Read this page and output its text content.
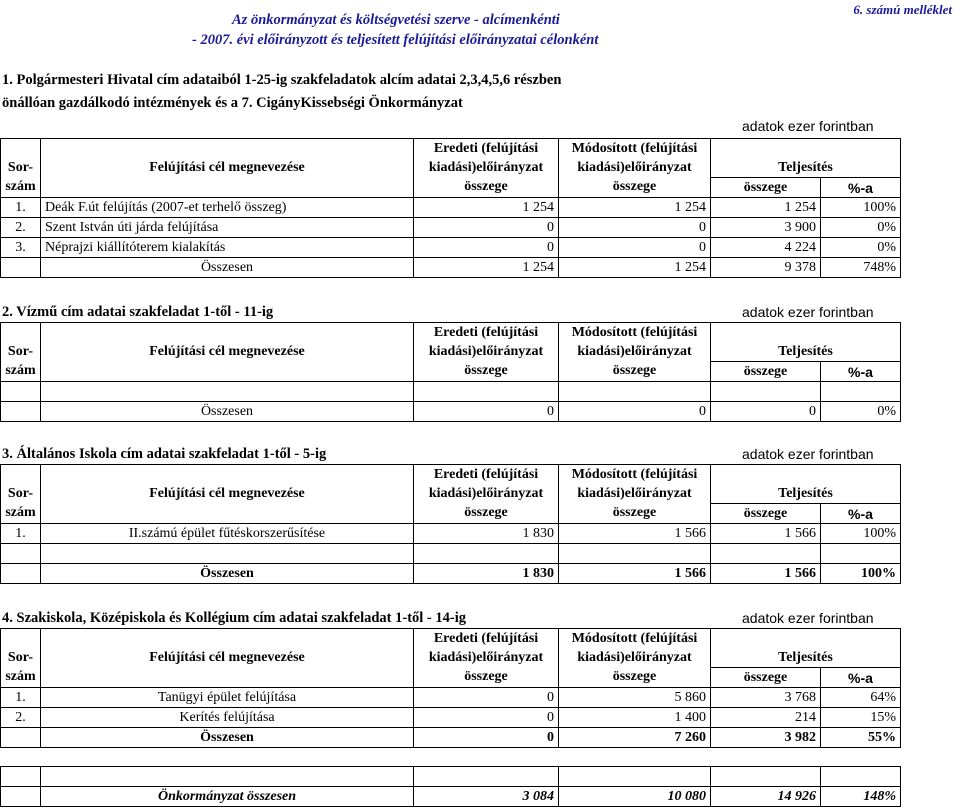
6. számú melléklet
Az önkormányzat és költségvetési szerve - alcímenkénti
- 2007. évi előirányzott és teljesített felújítási előirányzatai célonként
1. Polgármesteri Hivatal cím adataiból 1-25-ig szakfeladatok alcím adatai 2,3,4,5,6 részben
önállóan gazdálkodó intézmények és a 7. CigányKissebségi Önkormányzat
adatok ezer forintban
		Eredeti (felújítási	Módosított (felújítási		
Sor-	Felújítási cél megnevezése	kiadási)előirányzat	kiadási)előirányzat	Teljesítés	
szám		összege	összege	összege	%-a
1.	Deák F.út felújítás (2007-et terhelő összeg)	1 254	1 254	1 254	100%
2.	Szent István úti járda felújítása	0	0	3 900	0%
3.	Néprajzi kiállítóterem kialakítás	0	0	4 224	0%
	Összesen	1 254	1 254	9 378	748%
2. Vízmű cím adatai szakfeladat 1-től - 11-ig	adatok ezer forintban
		Eredeti (felújítási	Módosított (felújítási		
Sor-	Felújítási cél megnevezése	kiadási)előirányzat	kiadási)előirányzat	Teljesítés	
szám		összege	összege	összege	%-a

	Összesen	0	0	0	0%
3. Általános Iskola cím adatai szakfeladat 1-től - 5-ig	adatok ezer forintban
		Eredeti (felújítási	Módosított (felújítási		
Sor-	Felújítási cél megnevezése	kiadási)előirányzat	kiadási)előirányzat	Teljesítés	
szám		összege	összege	összege	%-a
1.	II.számú épület fűtéskorszerűsítése	1 830	1 566	1 566	100%

	Összesen	1 830	1 566	1 566	100%
4. Szakiskola, Középiskola és Kollégium cím adatai szakfeladat 1-től - 14-ig	adatok ezer forintban
		Eredeti (felújítási	Módosított (felújítási		
Sor-	Felújítási cél megnevezése	kiadási)előirányzat	kiadási)előirányzat	Teljesítés	
szám		összege	összege	összege	%-a
1.	Tanügyi épület felújítása	0	5 860	3 768	64%
2.	Kerítés felújítása	0	1 400	214	15%
	Összesen	0	7 260	3 982	55%

	Önkormányzat összesen	3 084	10 080	14 926	148%
